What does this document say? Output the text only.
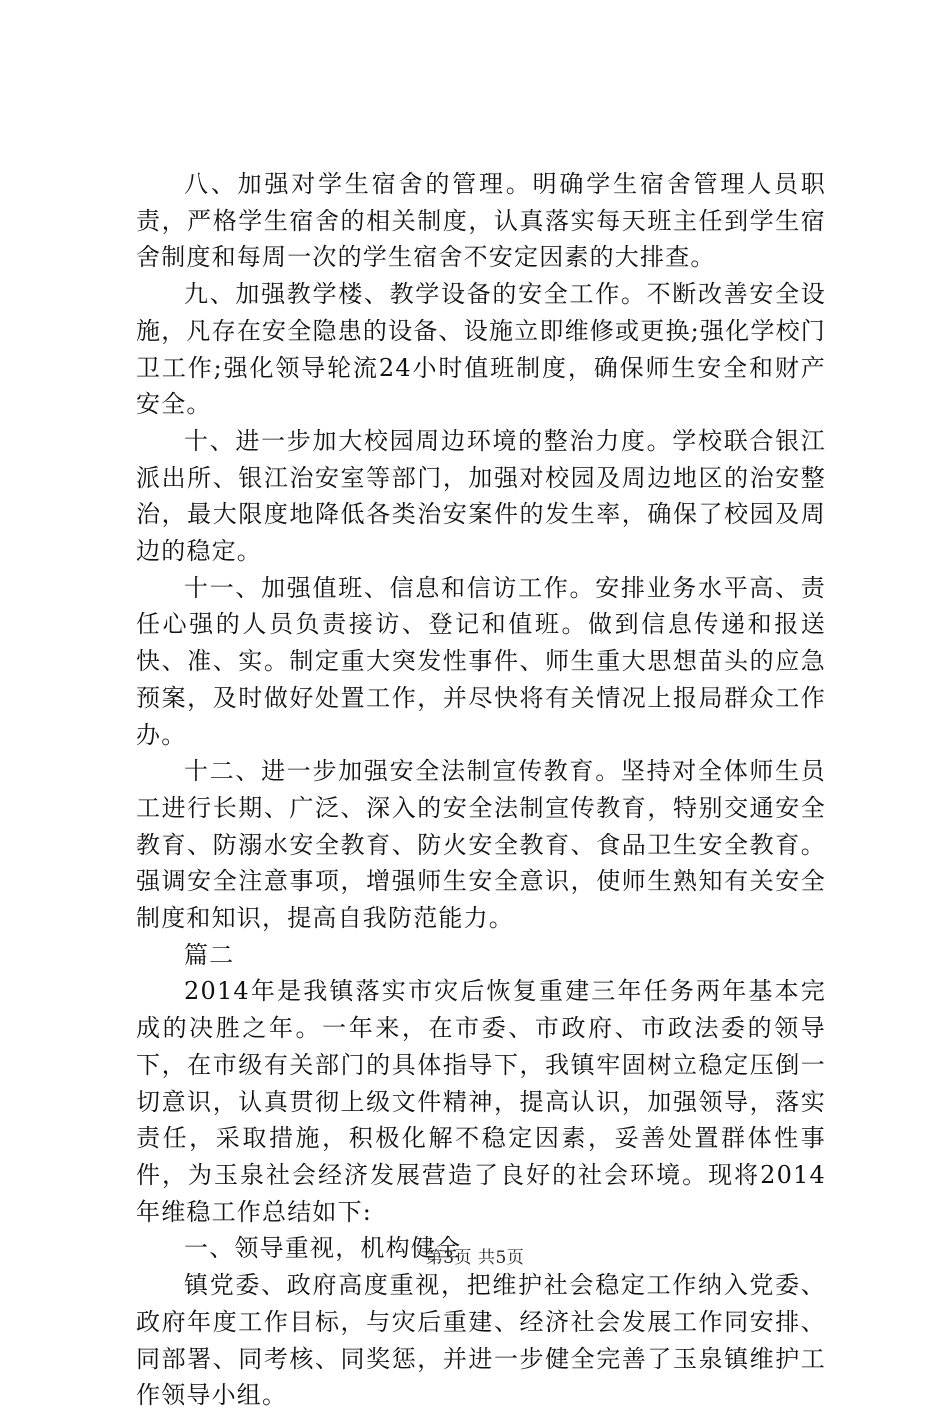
八、加强对学生宿舍的管理。明确学生宿舍管理人员职责，严格学生宿舍的相关制度，认真落实每天班主任到学生宿舍制度和每周一次的学生宿舍不安定因素的大排查。

九、加强教学楼、教学设备的安全工作。不断改善安全设施，凡存在安全隐患的设备、设施立即维修或更换;强化学校门卫工作;强化领导轮流24小时值班制度，确保师生安全和财产安全。

十、进一步加大校园周边环境的整治力度。学校联合银江派出所、银江治安室等部门，加强对校园及周边地区的治安整治，最大限度地降低各类治安案件的发生率，确保了校园及周边的稳定。

十一、加强值班、信息和信访工作。安排业务水平高、责任心强的人员负责接访、登记和值班。做到信息传递和报送快、准、实。制定重大突发性事件、师生重大思想苗头的应急预案，及时做好处置工作，并尽快将有关情况上报局群众工作办。

十二、进一步加强安全法制宣传教育。坚持对全体师生员工进行长期、广泛、深入的安全法制宣传教育，特别交通安全教育、防溺水安全教育、防火安全教育、食品卫生安全教育。强调安全注意事项，增强师生安全意识，使师生熟知有关安全制度和知识，提高自我防范能力。

篇二

2014年是我镇落实市灾后恢复重建三年任务两年基本完成的决胜之年。一年来，在市委、市政府、市政法委的领导下，在市级有关部门的具体指导下，我镇牢固树立稳定压倒一切意识，认真贯彻上级文件精神，提高认识，加强领导，落实责任，采取措施，积极化解不稳定因素，妥善处置群体性事件，为玉泉社会经济发展营造了良好的社会环境。现将2014年维稳工作总结如下:

一、领导重视，机构健全

镇党委、政府高度重视，把维护社会稳定工作纳入党委、政府年度工作目标，与灾后重建、经济社会发展工作同安排、同部署、同考核、同奖惩，并进一步健全完善了玉泉镇维护工作领导小组。

第3页 共5页
